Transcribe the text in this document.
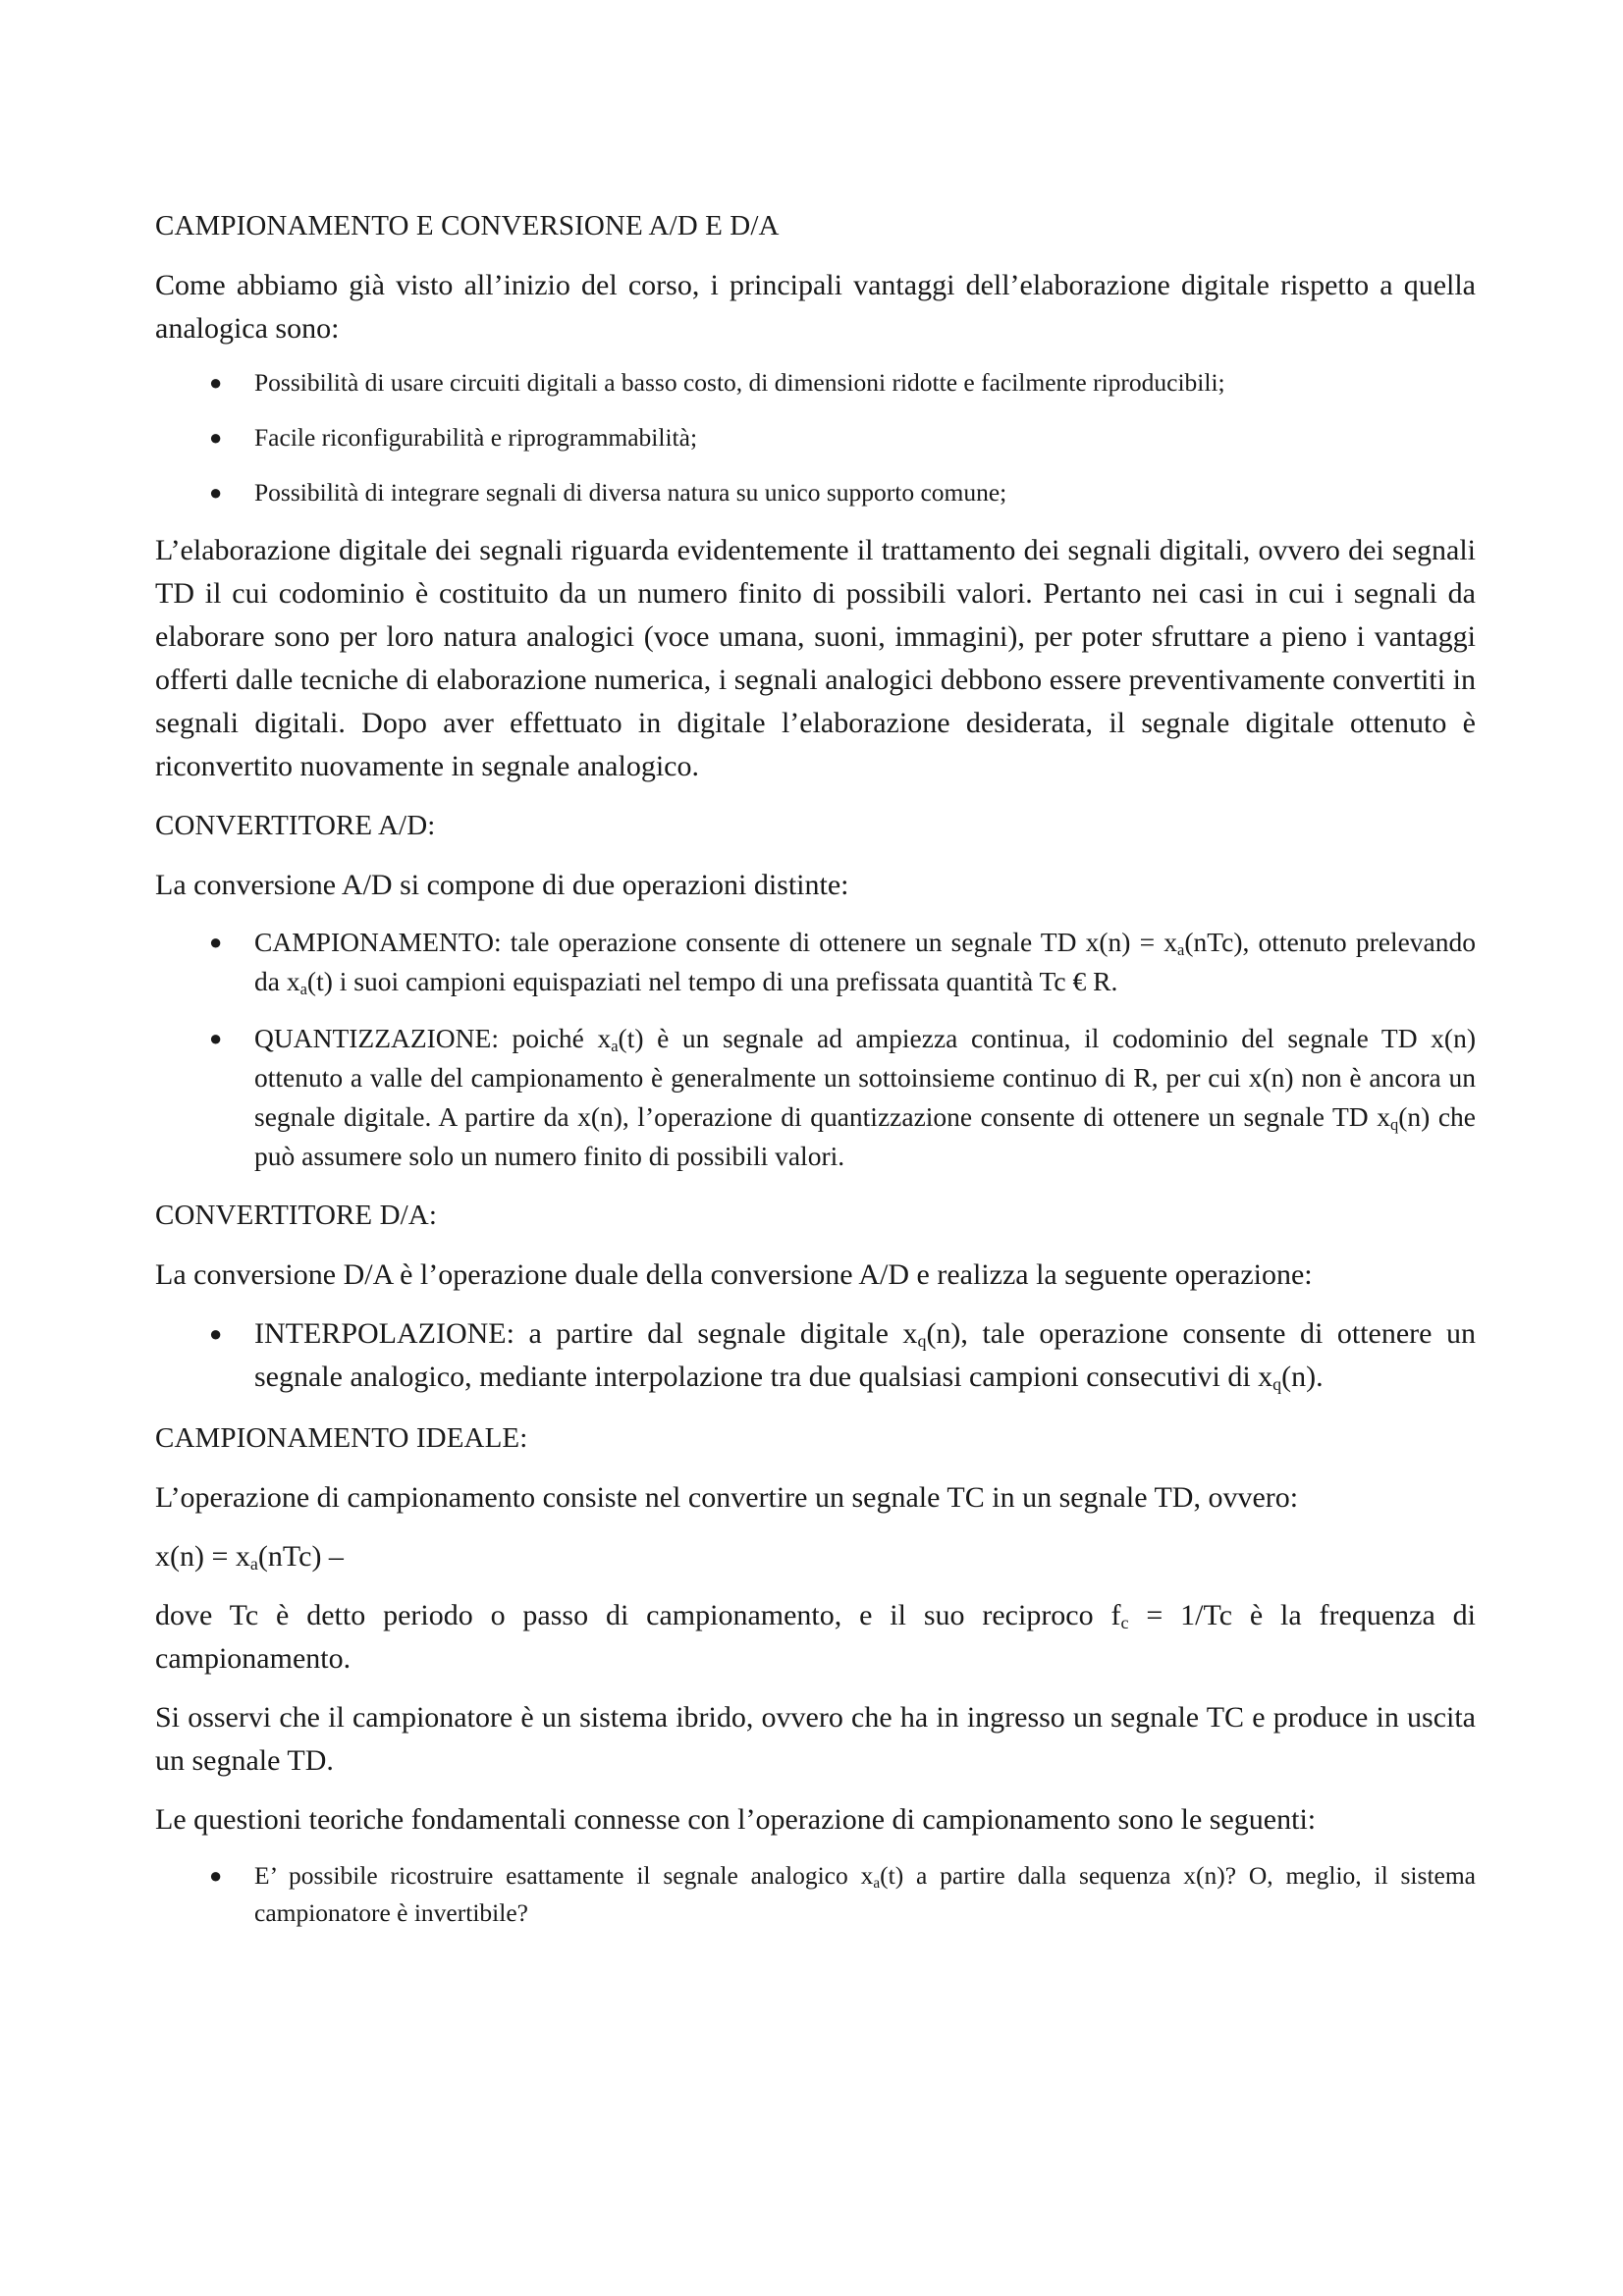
CAMPIONAMENTO E CONVERSIONE A/D E D/A

Come abbiamo già visto all’inizio del corso, i principali vantaggi dell’elaborazione digitale rispetto a quella analogica sono:

● Possibilità di usare circuiti digitali a basso costo, di dimensioni ridotte e facilmente riproducibili;
● Facile riconfigurabilità e riprogrammabilità;
● Possibilità di integrare segnali di diversa natura su unico supporto comune;

L’elaborazione digitale dei segnali riguarda evidentemente il trattamento dei segnali digitali, ovvero dei segnali TD il cui codominio è costituito da un numero finito di possibili valori. Pertanto nei casi in cui i segnali da elaborare sono per loro natura analogici (voce umana, suoni, immagini), per poter sfruttare a pieno i vantaggi offerti dalle tecniche di elaborazione numerica, i segnali analogici debbono essere preventivamente convertiti in segnali digitali. Dopo aver effettuato in digitale l’elaborazione desiderata, il segnale digitale ottenuto è riconvertito nuovamente in segnale analogico.

CONVERTITORE A/D:

La conversione A/D si compone di due operazioni distinte:

● CAMPIONAMENTO: tale operazione consente di ottenere un segnale TD $x(n) = x_a(nTc)$, ottenuto prelevando da $x_a(t)$ i suoi campioni equispaziati nel tempo di una prefissata quantità Tc € R.
● QUANTIZZAZIONE: poiché $x_a(t)$ è un segnale ad ampiezza continua, il codominio del segnale TD x(n) ottenuto a valle del campionamento è generalmente un sottoinsieme continuo di R, per cui x(n) non è ancora un segnale digitale. A partire da x(n), l’operazione di quantizzazione consente di ottenere un segnale TD $x_q(n)$ che può assumere solo un numero finito di possibili valori.
CONVERTITORE D/A:

La conversione D/A è l’operazione duale della conversione A/D e realizza la seguente operazione:

● INTERPOLAZIONE: a partire dal segnale digitale $x_q(n)$, tale operazione consente di ottenere un segnale analogico, mediante interpolazione tra due qualsiasi campioni consecutivi di $x_q(n)$.
CAMPIONAMENTO IDEALE:

L’operazione di campionamento consiste nel convertire un segnale TC in un segnale TD, ovvero:

$x(n) = x_a(nTc)$ –

dove Tc è detto periodo o passo di campionamento, e il suo reciproco $f_c = 1/Tc$ è la frequenza di campionamento.

Si osservi che il campionatore è un sistema ibrido, ovvero che ha in ingresso un segnale TC e produce in uscita un segnale TD.

Le questioni teoriche fondamentali connesse con l’operazione di campionamento sono le seguenti:

● E’ possibile ricostruire esattamente il segnale analogico $x_a(t)$ a partire dalla sequenza x(n)? O, meglio, il sistema campionatore è invertibile?
